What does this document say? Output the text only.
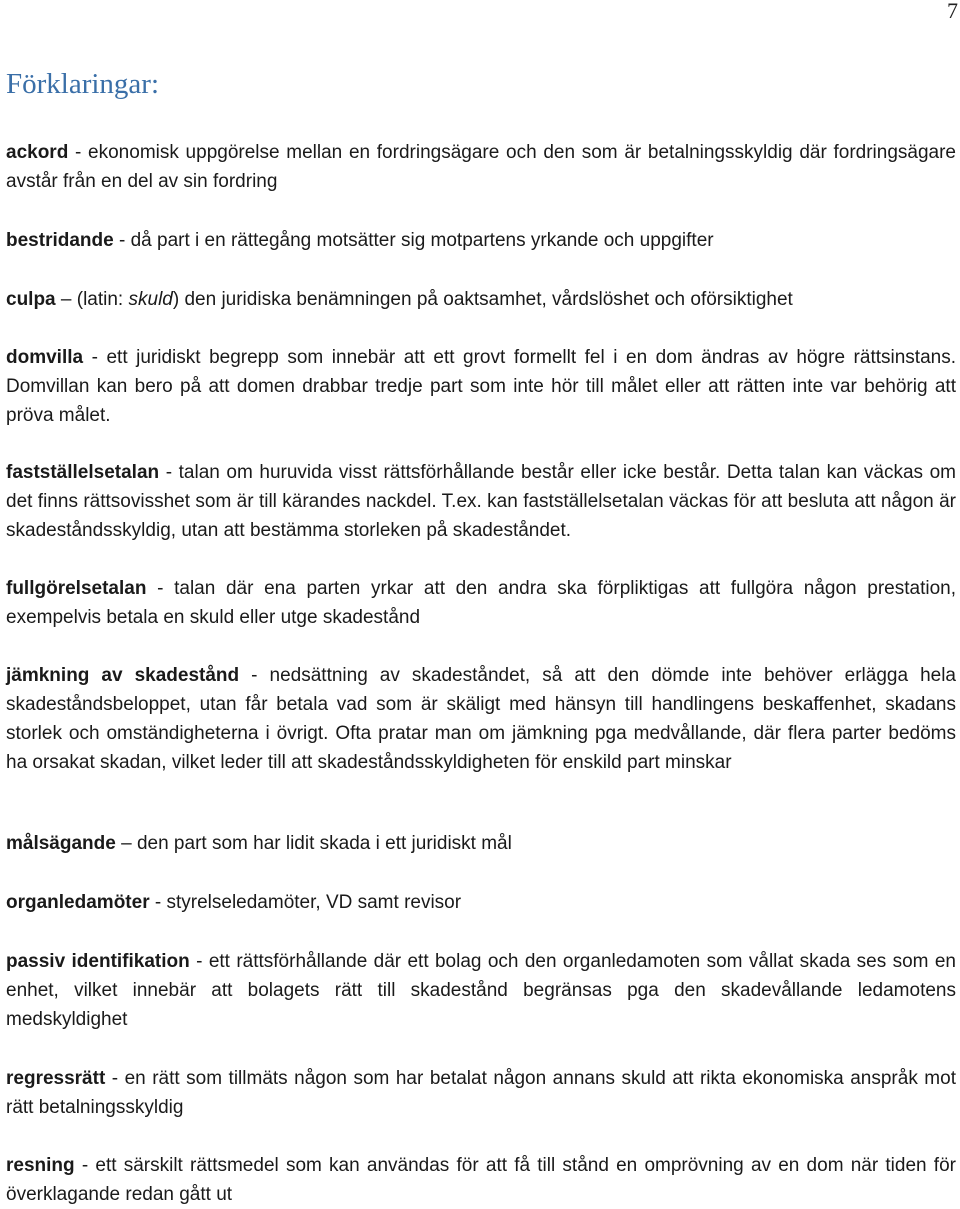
7
Förklaringar:

ackord - ekonomisk uppgörelse mellan en fordringsägare och den som är betalningsskyldig där fordringsägare avstår från en del av sin fordring

bestridande - då part i en rättegång motsätter sig motpartens yrkande och uppgifter

culpa – (latin: skuld) den juridiska benämningen på oaktsamhet, vårdslöshet och oförsiktighet

domvilla - ett juridiskt begrepp som innebär att ett grovt formellt fel i en dom ändras av högre rättsinstans. Domvillan kan bero på att domen drabbar tredje part som inte hör till målet eller att rätten inte var behörig att pröva målet.

fastställelsetalan - talan om huruvida visst rättsförhållande består eller icke består. Detta talan kan väckas om det finns rättsovisshet som är till kärandes nackdel. T.ex. kan fastställelsetalan väckas för att besluta att någon är skadeståndsskyldig, utan att bestämma storleken på skadeståndet.

fullgörelsetalan - talan där ena parten yrkar att den andra ska förpliktigas att fullgöra någon prestation, exempelvis betala en skuld eller utge skadestånd

jämkning av skadestånd - nedsättning av skadeståndet, så att den dömde inte behöver erlägga hela skadeståndsbeloppet, utan får betala vad som är skäligt med hänsyn till handlingens beskaffenhet, skadans storlek och omständigheterna i övrigt. Ofta pratar man om jämkning pga medvållande, där flera parter bedöms ha orsakat skadan, vilket leder till att skadeståndsskyldigheten för enskild part minskar

målsägande – den part som har lidit skada i ett juridiskt mål

organledamöter - styrelseledamöter, VD samt revisor

passiv identifikation - ett rättsförhållande där ett bolag och den organledamoten som vållat skada ses som en enhet, vilket innebär att bolagets rätt till skadestånd begränsas pga den skadevållande ledamotens medskyldighet

regressrätt - en rätt som tillmäts någon som har betalat någon annans skuld att rikta ekonomiska anspråk mot rätt betalningsskyldig

resning - ett särskilt rättsmedel som kan användas för att få till stånd en omprövning av en dom när tiden för överklagande redan gått ut
